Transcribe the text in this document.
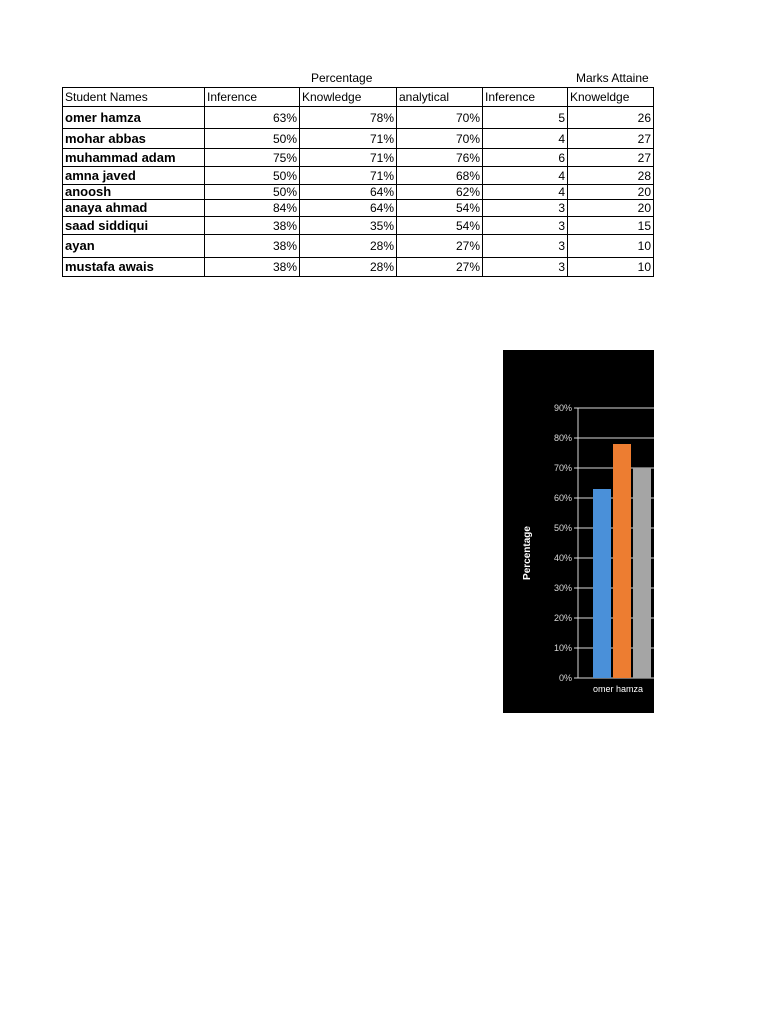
Percentage	Marks Attaine
Student Names	Inference	Knowledge	analytical	Inference	Knoweldge
omer hamza	63%	78%	70%	5	26
mohar abbas	50%	71%	70%	4	27
muhammad adam	75%	71%	76%	6	27
amna javed	50%	71%	68%	4	28
anoosh	50%	64%	62%	4	20
anaya ahmad	84%	64%	54%	3	20
saad siddiqui	38%	35%	54%	3	15
ayan	38%	28%	27%	3	10
mustafa awais	38%	28%	27%	3	10
0%
10%
20%
30%
40%
50%
60%
70%
80%
90%
omer hamza
Percentage
